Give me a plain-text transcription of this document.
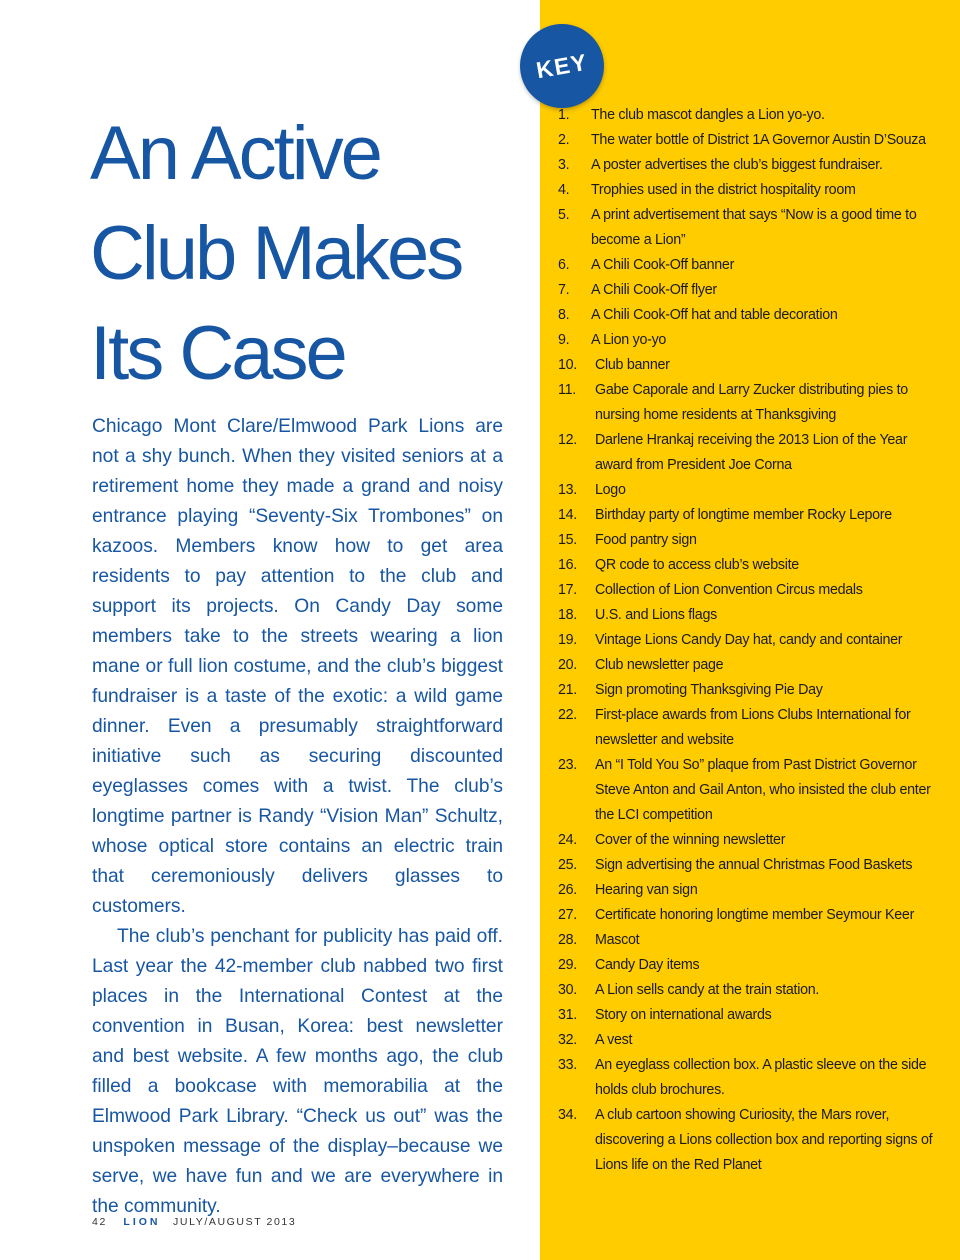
An Active
Club Makes
Its Case

Chicago Mont Clare/Elmwood Park Lions are not a shy bunch. When they visited seniors at a retirement home they made a grand and noisy entrance playing “Seventy-Six Trombones” on kazoos. Members know how to get area residents to pay attention to the club and support its projects. On Candy Day some members take to the streets wearing a lion mane or full lion costume, and the club’s biggest fundraiser is a taste of the exotic: a wild game dinner. Even a presumably straightforward initiative such as securing discounted eyeglasses comes with a twist. The club’s longtime partner is Randy “Vision Man” Schultz, whose optical store contains an electric train that ceremoniously delivers glasses to customers.

The club’s penchant for publicity has paid off. Last year the 42-member club nabbed two first places in the International Contest at the convention in Busan, Korea: best newsletter and best website. A few months ago, the club filled a bookcase with memorabilia at the Elmwood Park Library. “Check us out” was the unspoken message of the display–because we serve, we have fun and we are everywhere in the community.

42 LION JULY/AUGUST 2013
KEY
1. The club mascot dangles a Lion yo-yo.
2. The water bottle of District 1A Governor Austin D’Souza
3. A poster advertises the club’s biggest fundraiser.
4. Trophies used in the district hospitality room
5. A print advertisement that says “Now is a good time to become a Lion”
6. A Chili Cook-Off banner
7. A Chili Cook-Off flyer
8. A Chili Cook-Off hat and table decoration
9. A Lion yo-yo
10. Club banner
11. Gabe Caporale and Larry Zucker distributing pies to nursing home residents at Thanksgiving
12. Darlene Hrankaj receiving the 2013 Lion of the Year award from President Joe Corna
13. Logo
14. Birthday party of longtime member Rocky Lepore
15. Food pantry sign
16. QR code to access club’s website
17. Collection of Lion Convention Circus medals
18. U.S. and Lions flags
19. Vintage Lions Candy Day hat, candy and container
20. Club newsletter page
21. Sign promoting Thanksgiving Pie Day
22. First-place awards from Lions Clubs International for newsletter and website
23. An “I Told You So” plaque from Past District Governor Steve Anton and Gail Anton, who insisted the club enter the LCI competition
24. Cover of the winning newsletter
25. Sign advertising the annual Christmas Food Baskets
26. Hearing van sign
27. Certificate honoring longtime member Seymour Keer
28. Mascot
29. Candy Day items
30. A Lion sells candy at the train station.
31. Story on international awards
32. A vest
33. An eyeglass collection box. A plastic sleeve on the side holds club brochures.
34. A club cartoon showing Curiosity, the Mars rover, discovering a Lions collection box and reporting signs of Lions life on the Red Planet
